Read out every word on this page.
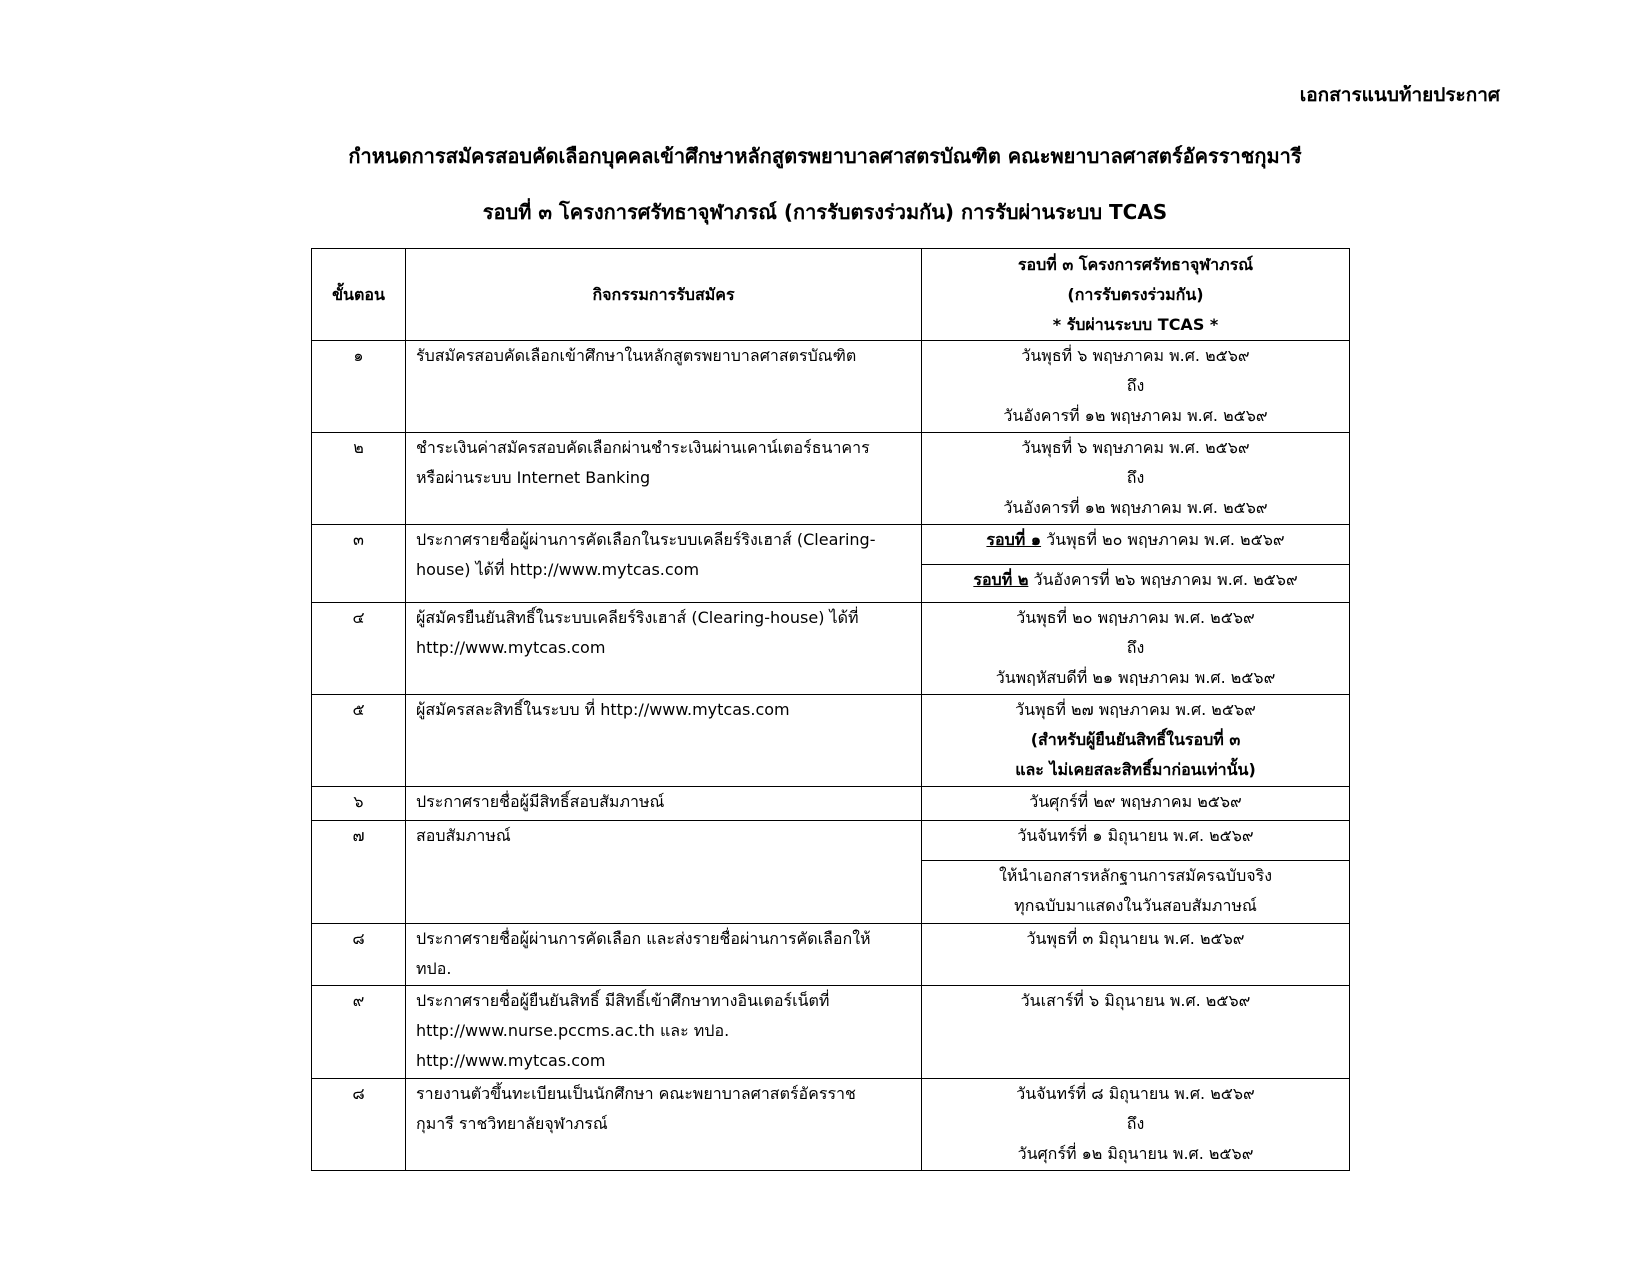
เอกสารแนบท้ายประกาศ
กำหนดการสมัครสอบคัดเลือกบุคคลเข้าศึกษาหลักสูตรพยาบาลศาสตรบัณฑิต คณะพยาบาลศาสตร์อัครราชกุมารี
รอบที่ ๓ โครงการศรัทธาจุฬาภรณ์ (การรับตรงร่วมกัน) การรับผ่านระบบ TCAS
ขั้นตอน	กิจกรรมการรับสมัคร	รอบที่ ๓ โครงการศรัทธาจุฬาภรณ์
(การรับตรงร่วมกัน)
* รับผ่านระบบ TCAS *

๑	รับสมัครสอบคัดเลือกเข้าศึกษาในหลักสูตรพยาบาลศาสตรบัณฑิต	วันพุธที่ ๖ พฤษภาคม พ.ศ. ๒๕๖๙
ถึง
วันอังคารที่ ๑๒ พฤษภาคม พ.ศ. ๒๕๖๙

๒	ชำระเงินค่าสมัครสอบคัดเลือกผ่านชำระเงินผ่านเคาน์เตอร์ธนาคาร
หรือผ่านระบบ Internet Banking	วันพุธที่ ๖ พฤษภาคม พ.ศ. ๒๕๖๙
ถึง
วันอังคารที่ ๑๒ พฤษภาคม พ.ศ. ๒๕๖๙

๓	ประกาศรายชื่อผู้ผ่านการคัดเลือกในระบบเคลียร์ริงเฮาส์ (Clearing-
house) ได้ที่ http://www.mytcas.com	รอบที่ ๑ วันพุธที่ ๒๐ พฤษภาคม พ.ศ. ๒๕๖๙
		รอบที่ ๒ วันอังคารที่ ๒๖ พฤษภาคม พ.ศ. ๒๕๖๙
๔	ผู้สมัครยืนยันสิทธิ์ในระบบเคลียร์ริงเฮาส์ (Clearing-house) ได้ที่
http://www.mytcas.com	วันพุธที่ ๒๐ พฤษภาคม พ.ศ. ๒๕๖๙
ถึง
วันพฤหัสบดีที่ ๒๑ พฤษภาคม พ.ศ. ๒๕๖๙

๕	ผู้สมัครสละสิทธิ์ในระบบ ที่ http://www.mytcas.com	วันพุธที่ ๒๗ พฤษภาคม พ.ศ. ๒๕๖๙
(สำหรับผู้ยืนยันสิทธิ์ในรอบที่ ๓
และ ไม่เคยสละสิทธิ์มาก่อนเท่านั้น)

๖	ประกาศรายชื่อผู้มีสิทธิ์สอบสัมภาษณ์	วันศุกร์ที่ ๒๙ พฤษภาคม ๒๕๖๙
๗	สอบสัมภาษณ์	วันจันทร์ที่ ๑ มิถุนายน พ.ศ. ๒๕๖๙

		ให้นำเอกสารหลักฐานการสมัครฉบับจริง
ทุกฉบับมาแสดงในวันสอบสัมภาษณ์

๘	ประกาศรายชื่อผู้ผ่านการคัดเลือก และส่งรายชื่อผ่านการคัดเลือกให้
ทปอ.	วันพุธที่ ๓ มิถุนายน พ.ศ. ๒๕๖๙
๙	ประกาศรายชื่อผู้ยืนยันสิทธิ์ มีสิทธิ์เข้าศึกษาทางอินเตอร์เน็ตที่
http://www.nurse.pccms.ac.th และ ทปอ.
http://www.mytcas.com	วันเสาร์ที่ ๖ มิถุนายน พ.ศ. ๒๕๖๙
๘	รายงานตัวขึ้นทะเบียนเป็นนักศึกษา คณะพยาบาลศาสตร์อัครราช
กุมารี ราชวิทยาลัยจุฬาภรณ์	วันจันทร์ที่ ๘ มิถุนายน พ.ศ. ๒๕๖๙
ถึง
วันศุกร์ที่ ๑๒ มิถุนายน พ.ศ. ๒๕๖๙
